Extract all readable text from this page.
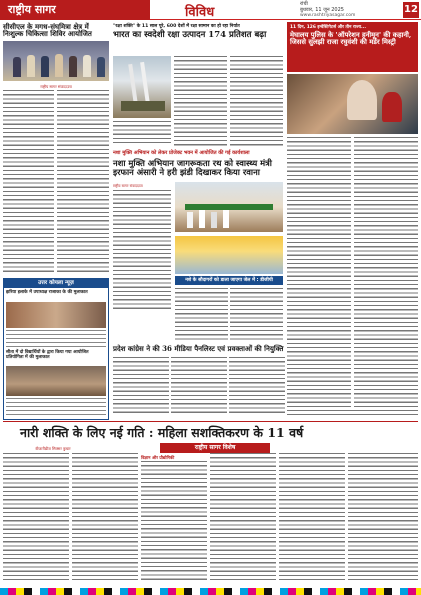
राष्ट्रीय सागर	विविध
रांची
बुधवार, 11 जून 2025
www.rashtriyasagar.com
12
सीसीएल के मगध-संघमित्रा क्षेत्र में निःशुल्क चिकित्सा शिविर आयोजित
राष्ट्रीय सागर संवाददाता
उत्तर कोयला न्यूज़
झरिया इलाके में उपाध्यक्ष राजाका के की मुलाकात
सीता में दो विद्यार्थियों के द्वारा किया गया आयोजित प्रतियोगिता में की मुलाकात
"रक्षा शक्ति" के 11 साल पूरे, 600 देशों में रक्षा सामान का हो रहा निर्यात
भारत का स्वदेशी रक्षा उत्पादन 174 प्रतिशत बढ़ा
11 दिन, 126 इन्वेस्टिगेटर्स और तीन राज्य...
मेघालय पुलिस के 'ऑपरेशन हनीमून' की कहानी, जिससे सुलझी राजा रघुवंशी की मर्डर मिस्ट्री
नशा मुक्ति अभियान को लेकर प्रोजेक्ट भवन में आयोजित की गई कार्यशाला
नशा मुक्ति अभियान जागरूकता रथ को स्वास्थ्य मंत्री इरफान अंसारी ने हरी झंडी दिखाकर किया रवाना
राष्ट्रीय सागर संवाददाता
नशे के सौदागरों को डाला जाएगा जेल में : डीजीपी
प्रदेश कांग्रेस ने की 36 मीडिया पैनलिस्ट एवं प्रवक्ताओं की नियुक्ति
नारी शक्ति के लिए नई गति : महिला सशक्तिकरण के 11 वर्ष
बीजारीब्रीज सिक्सर कुबार	राष्ट्रीय सागर विशेष
विज्ञान और प्रौद्योगिकी
